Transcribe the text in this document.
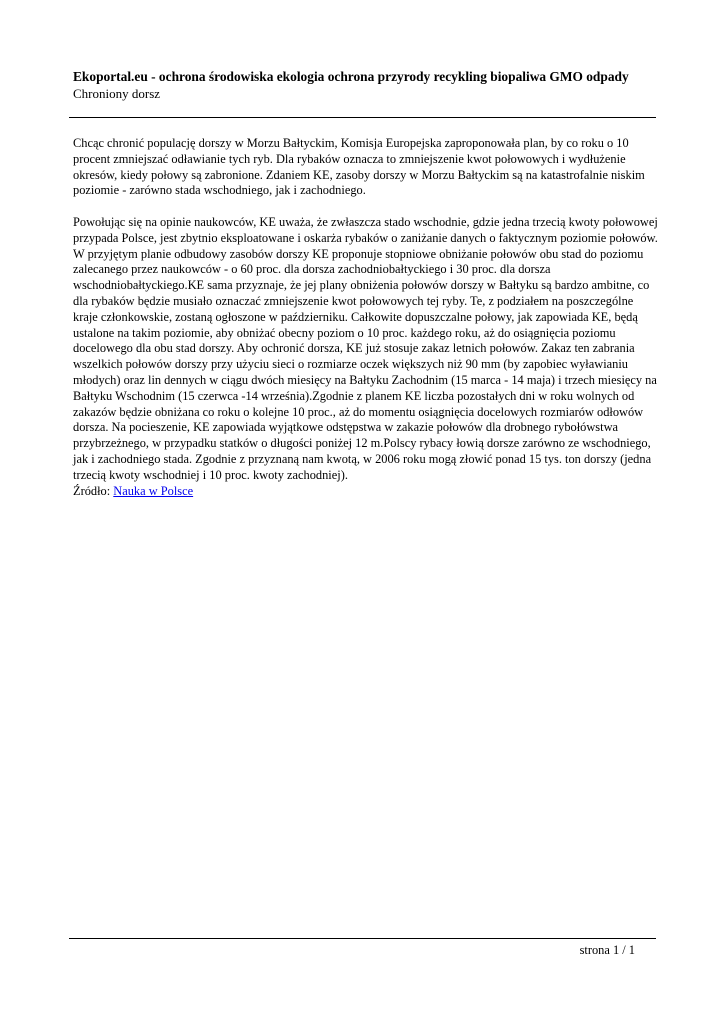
Ekoportal.eu - ochrona środowiska ekologia ochrona przyrody recykling biopaliwa GMO odpady
Chroniony dorsz

Chcąc chronić populację dorszy w Morzu Bałtyckim, Komisja Europejska zaproponowała plan, by co roku o 10 procent zmniejszać odławianie tych ryb. Dla rybaków oznacza to zmniejszenie kwot połowowych i wydłużenie okresów, kiedy połowy są zabronione. Zdaniem KE, zasoby dorszy w Morzu Bałtyckim są na katastrofalnie niskim poziomie - zarówno stada wschodniego, jak i zachodniego.

Powołując się na opinie naukowców, KE uważa, że zwłaszcza stado wschodnie, gdzie jedna trzecią kwoty połowowej przypada Polsce, jest zbytnio eksploatowane i oskarża rybaków o zaniżanie danych o faktycznym poziomie połowów. W przyjętym planie odbudowy zasobów dorszy KE proponuje stopniowe obniżanie połowów obu stad do poziomu zalecanego przez naukowców - o 60 proc. dla dorsza zachodniobałtyckiego i 30 proc. dla dorsza wschodniobałtyckiego.KE sama przyznaje, że jej plany obniżenia połowów dorszy w Bałtyku są bardzo ambitne, co dla rybaków będzie musiało oznaczać zmniejszenie kwot połowowych tej ryby. Te, z podziałem na poszczególne kraje członkowskie, zostaną ogłoszone w październiku. Całkowite dopuszczalne połowy, jak zapowiada KE, będą ustalone na takim poziomie, aby obniżać obecny poziom o 10 proc. każdego roku, aż do osiągnięcia poziomu docelowego dla obu stad dorszy. Aby ochronić dorsza, KE już stosuje zakaz letnich połowów. Zakaz ten zabrania wszelkich połowów dorszy przy użyciu sieci o rozmiarze oczek większych niż 90 mm (by zapobiec wyławianiu młodych) oraz lin dennych w ciągu dwóch miesięcy na Bałtyku Zachodnim (15 marca - 14 maja) i trzech miesięcy na Bałtyku Wschodnim (15 czerwca -14 września).Zgodnie z planem KE liczba pozostałych dni w roku wolnych od zakazów będzie obniżana co roku o kolejne 10 proc., aż do momentu osiągnięcia docelowych rozmiarów odłowów dorsza. Na pocieszenie, KE zapowiada wyjątkowe odstępstwa w zakazie połowów dla drobnego rybołówstwa przybrzeżnego, w przypadku statków o długości poniżej 12 m.Polscy rybacy łowią dorsze zarówno ze wschodniego, jak i zachodniego stada. Zgodnie z przyznaną nam kwotą, w 2006 roku mogą złowić ponad 15 tys. ton dorszy (jedna trzecią kwoty wschodniej i 10 proc. kwoty zachodniej).

Źródło: Nauka w Polsce
strona 1 / 1
